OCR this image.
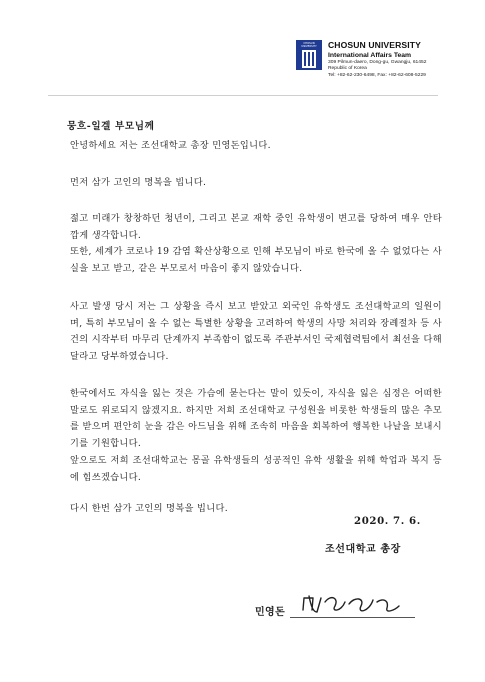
CHOSUN UNIVERSITY	CHOSUN UNIVERSITY
International Affairs Team
309 Pilmun-daero, Dong-gu, Gwangju, 61452
Republic of Korea
Tel: +82-62-230-6498, Fax: +82-62-608-5229

뭉흐-일겔 부모님께

안녕하세요 저는 조선대학교 총장 민영돈입니다.

먼저 삼가 고인의 명복을 빕니다.

젊고 미래가 창창하던 청년이, 그리고 본교 재학 중인 유학생이 변고를 당하여 매우 안타깝게 생각합니다.
또한, 세계가 코로나 19 감염 확산상황으로 인해 부모님이 바로 한국에 올 수 없었다는 사실을 보고 받고, 같은 부모로서 마음이 좋지 않았습니다.

사고 발생 당시 저는 그 상황을 즉시 보고 받았고 외국인 유학생도 조선대학교의 일원이며, 특히 부모님이 올 수 없는 특별한 상황을 고려하여 학생의 사망 처리와 장례절차 등 사건의 시작부터 마무리 단계까지 부족함이 없도록 주관부서인 국제협력팀에서 최선을 다해달라고 당부하였습니다.

한국에서도 자식을 잃는 것은 가슴에 묻는다는 말이 있듯이, 자식을 잃은 심정은 어떠한 말로도 위로되지 않겠지요. 하지만 저희 조선대학교 구성원을 비롯한 학생들의 많은 추모를 받으며 편안히 눈을 감은 아드님을 위해 조속히 마음을 회복하여 행복한 나날을 보내시기를 기원합니다.

앞으로도 저희 조선대학교는 몽골 유학생들의 성공적인 유학 생활을 위해 학업과 복지 등에 힘쓰겠습니다.

다시 한번 삼가 고인의 명복을 빕니다.

2020. 7. 6.
조선대학교 총장
민영돈
